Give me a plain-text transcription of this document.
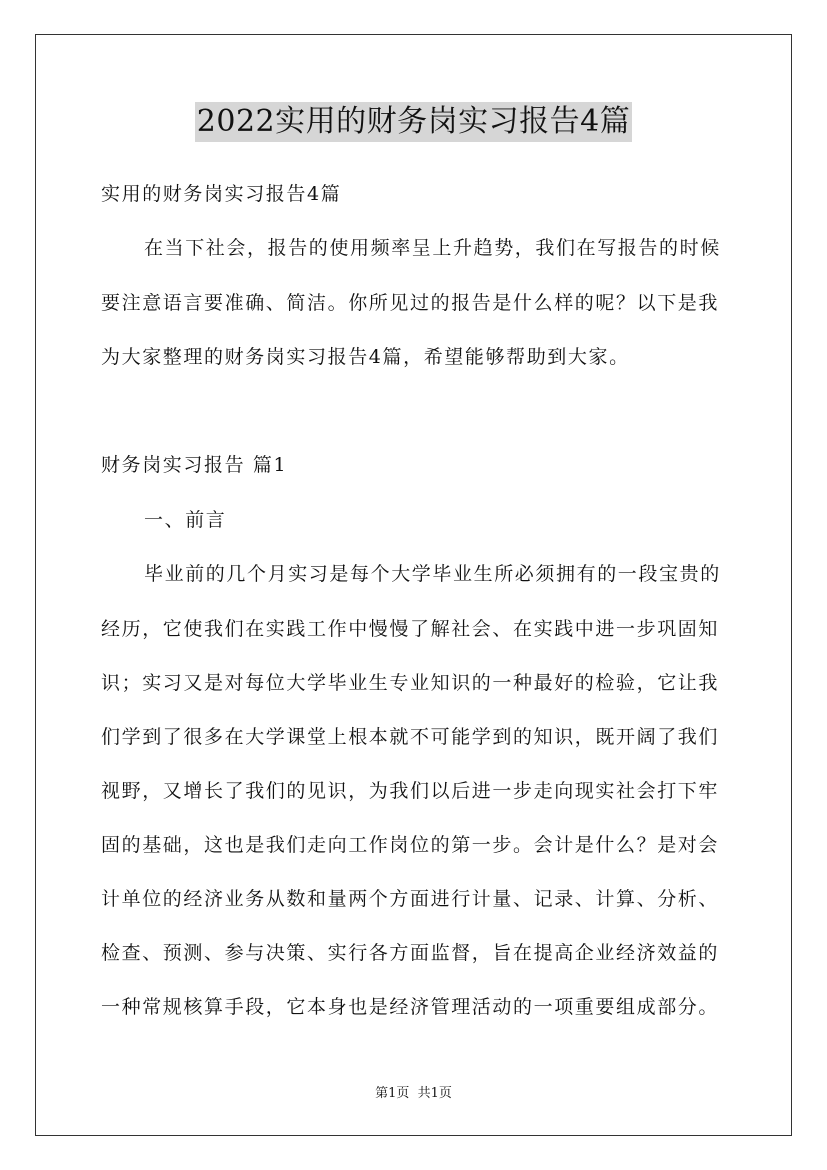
2022实用的财务岗实习报告4篇
实用的财务岗实习报告4篇
在当下社会，报告的使用频率呈上升趋势，我们在写报告的时候
要注意语言要准确、简洁。你所见过的报告是什么样的呢？以下是我
为大家整理的财务岗实习报告4篇，希望能够帮助到大家。
财务岗实习报告 篇1
一、前言
毕业前的几个月实习是每个大学毕业生所必须拥有的一段宝贵的
经历，它使我们在实践工作中慢慢了解社会、在实践中进一步巩固知
识；实习又是对每位大学毕业生专业知识的一种最好的检验，它让我
们学到了很多在大学课堂上根本就不可能学到的知识，既开阔了我们
视野，又增长了我们的见识，为我们以后进一步走向现实社会打下牢
固的基础，这也是我们走向工作岗位的第一步。会计是什么？是对会
计单位的经济业务从数和量两个方面进行计量、记录、计算、分析、
检查、预测、参与决策、实行各方面监督，旨在提高企业经济效益的
一种常规核算手段，它本身也是经济管理活动的一项重要组成部分。
第1页 共1页
